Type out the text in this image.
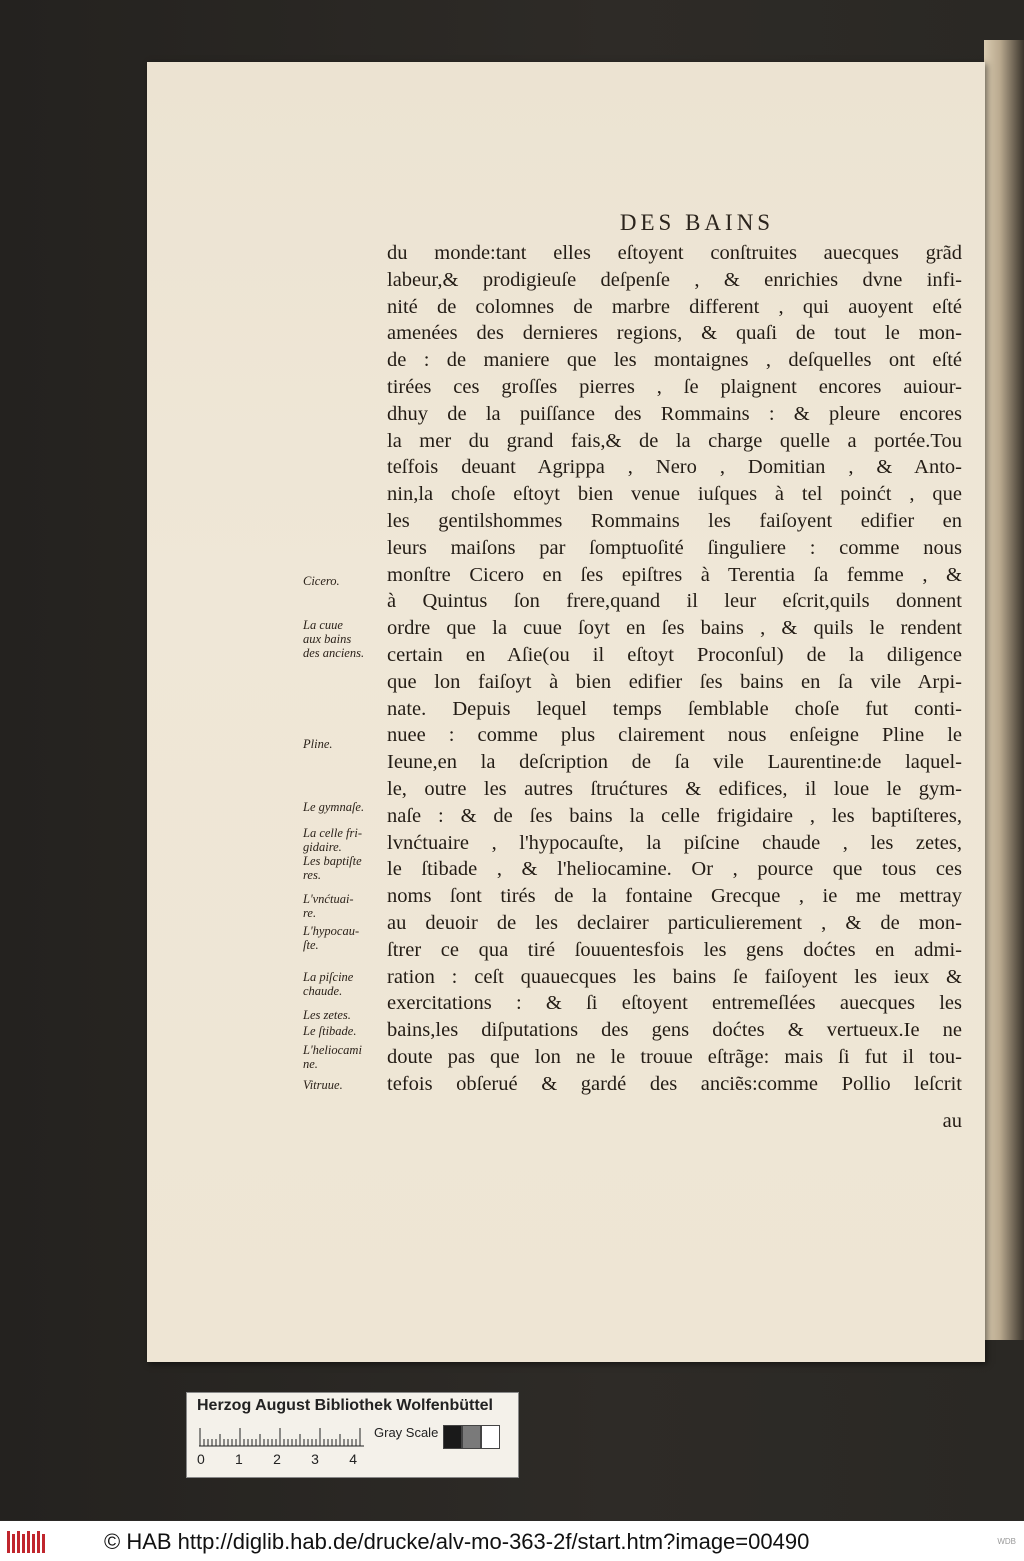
DES BAINS
du monde:tant elles eſtoyent conſtruites auecques grãd
labeur,& prodigieuſe deſpenſe , & enrichies dvne infi-
nité de colomnes de marbre different , qui auoyent eſté
amenées des dernieres regions, & quaſi de tout le mon-
de : de maniere que les montaignes , deſquelles ont eſté
tirées ces groſſes pierres , ſe plaignent encores auiour-
dhuy de la puiſſance des Rommains : & pleure encores
la mer du grand fais,& de la charge quelle a portée.Tou
teſfois deuant Agrippa , Nero , Domitian , & Anto-
nin,la choſe eſtoyt bien venue iuſques à tel poinćt , que
les gentilshommes Rommains les faiſoyent edifier en
leurs maiſons par ſomptuoſité ſinguliere : comme nous
monſtre Cicero en ſes epiſtres à Terentia ſa femme , &
à Quintus ſon frere,quand il leur eſcrit,quils donnent
ordre que la cuue ſoyt en ſes bains , & quils le rendent
certain en Aſie(ou il eſtoyt Proconſul) de la diligence
que lon faiſoyt à bien edifier ſes bains en ſa vile Arpi-
nate. Depuis lequel temps ſemblable choſe fut conti-
nuee : comme plus clairement nous enſeigne Pline le
Ieune,en la deſcription de ſa vile Laurentine:de laquel-
le, outre les autres ſtrućtures & edifices, il loue le gym-
naſe : & de ſes bains la celle frigidaire , les baptiſteres,
lvnćtuaire , l'hypocauſte, la piſcine chaude , les zetes,
le ſtibade , & l'heliocamine. Or , pource que tous ces
noms ſont tirés de la fontaine Grecque , ie me mettray
au deuoir de les declairer particulierement , & de mon-
ſtrer ce qua tiré ſouuentesfois les gens doćtes en admi-
ration : ceſt quauecques les bains ſe faiſoyent les ieux &
exercitations : & ſi eſtoyent entremeſlées auecques les
bains,les diſputations des gens doćtes & vertueux.Ie ne
doute pas que lon ne le trouue eſtrãge: mais ſi fut il tou-
tefois obſerué & gardé des anciẽs:comme Pollio leſcrit
au
Cicero.
La cuue
aux bains
des anciens.
Pline.
Le gymnaſe.
La celle fri-
gidaire.
Les baptiſte
res.
L'vnćtuai-
re.
L'hypocau-
ſte.
La piſcine
chaude.
Les zetes.
Le ſtibade.
L'heliocami
ne.
Vitruue.
Herzog August Bibliothek Wolfenbüttel
0 1 2 3 4
Gray Scale
© HAB http://diglib.hab.de/drucke/alv-mo-363-2f/start.htm?image=00490	WDB
